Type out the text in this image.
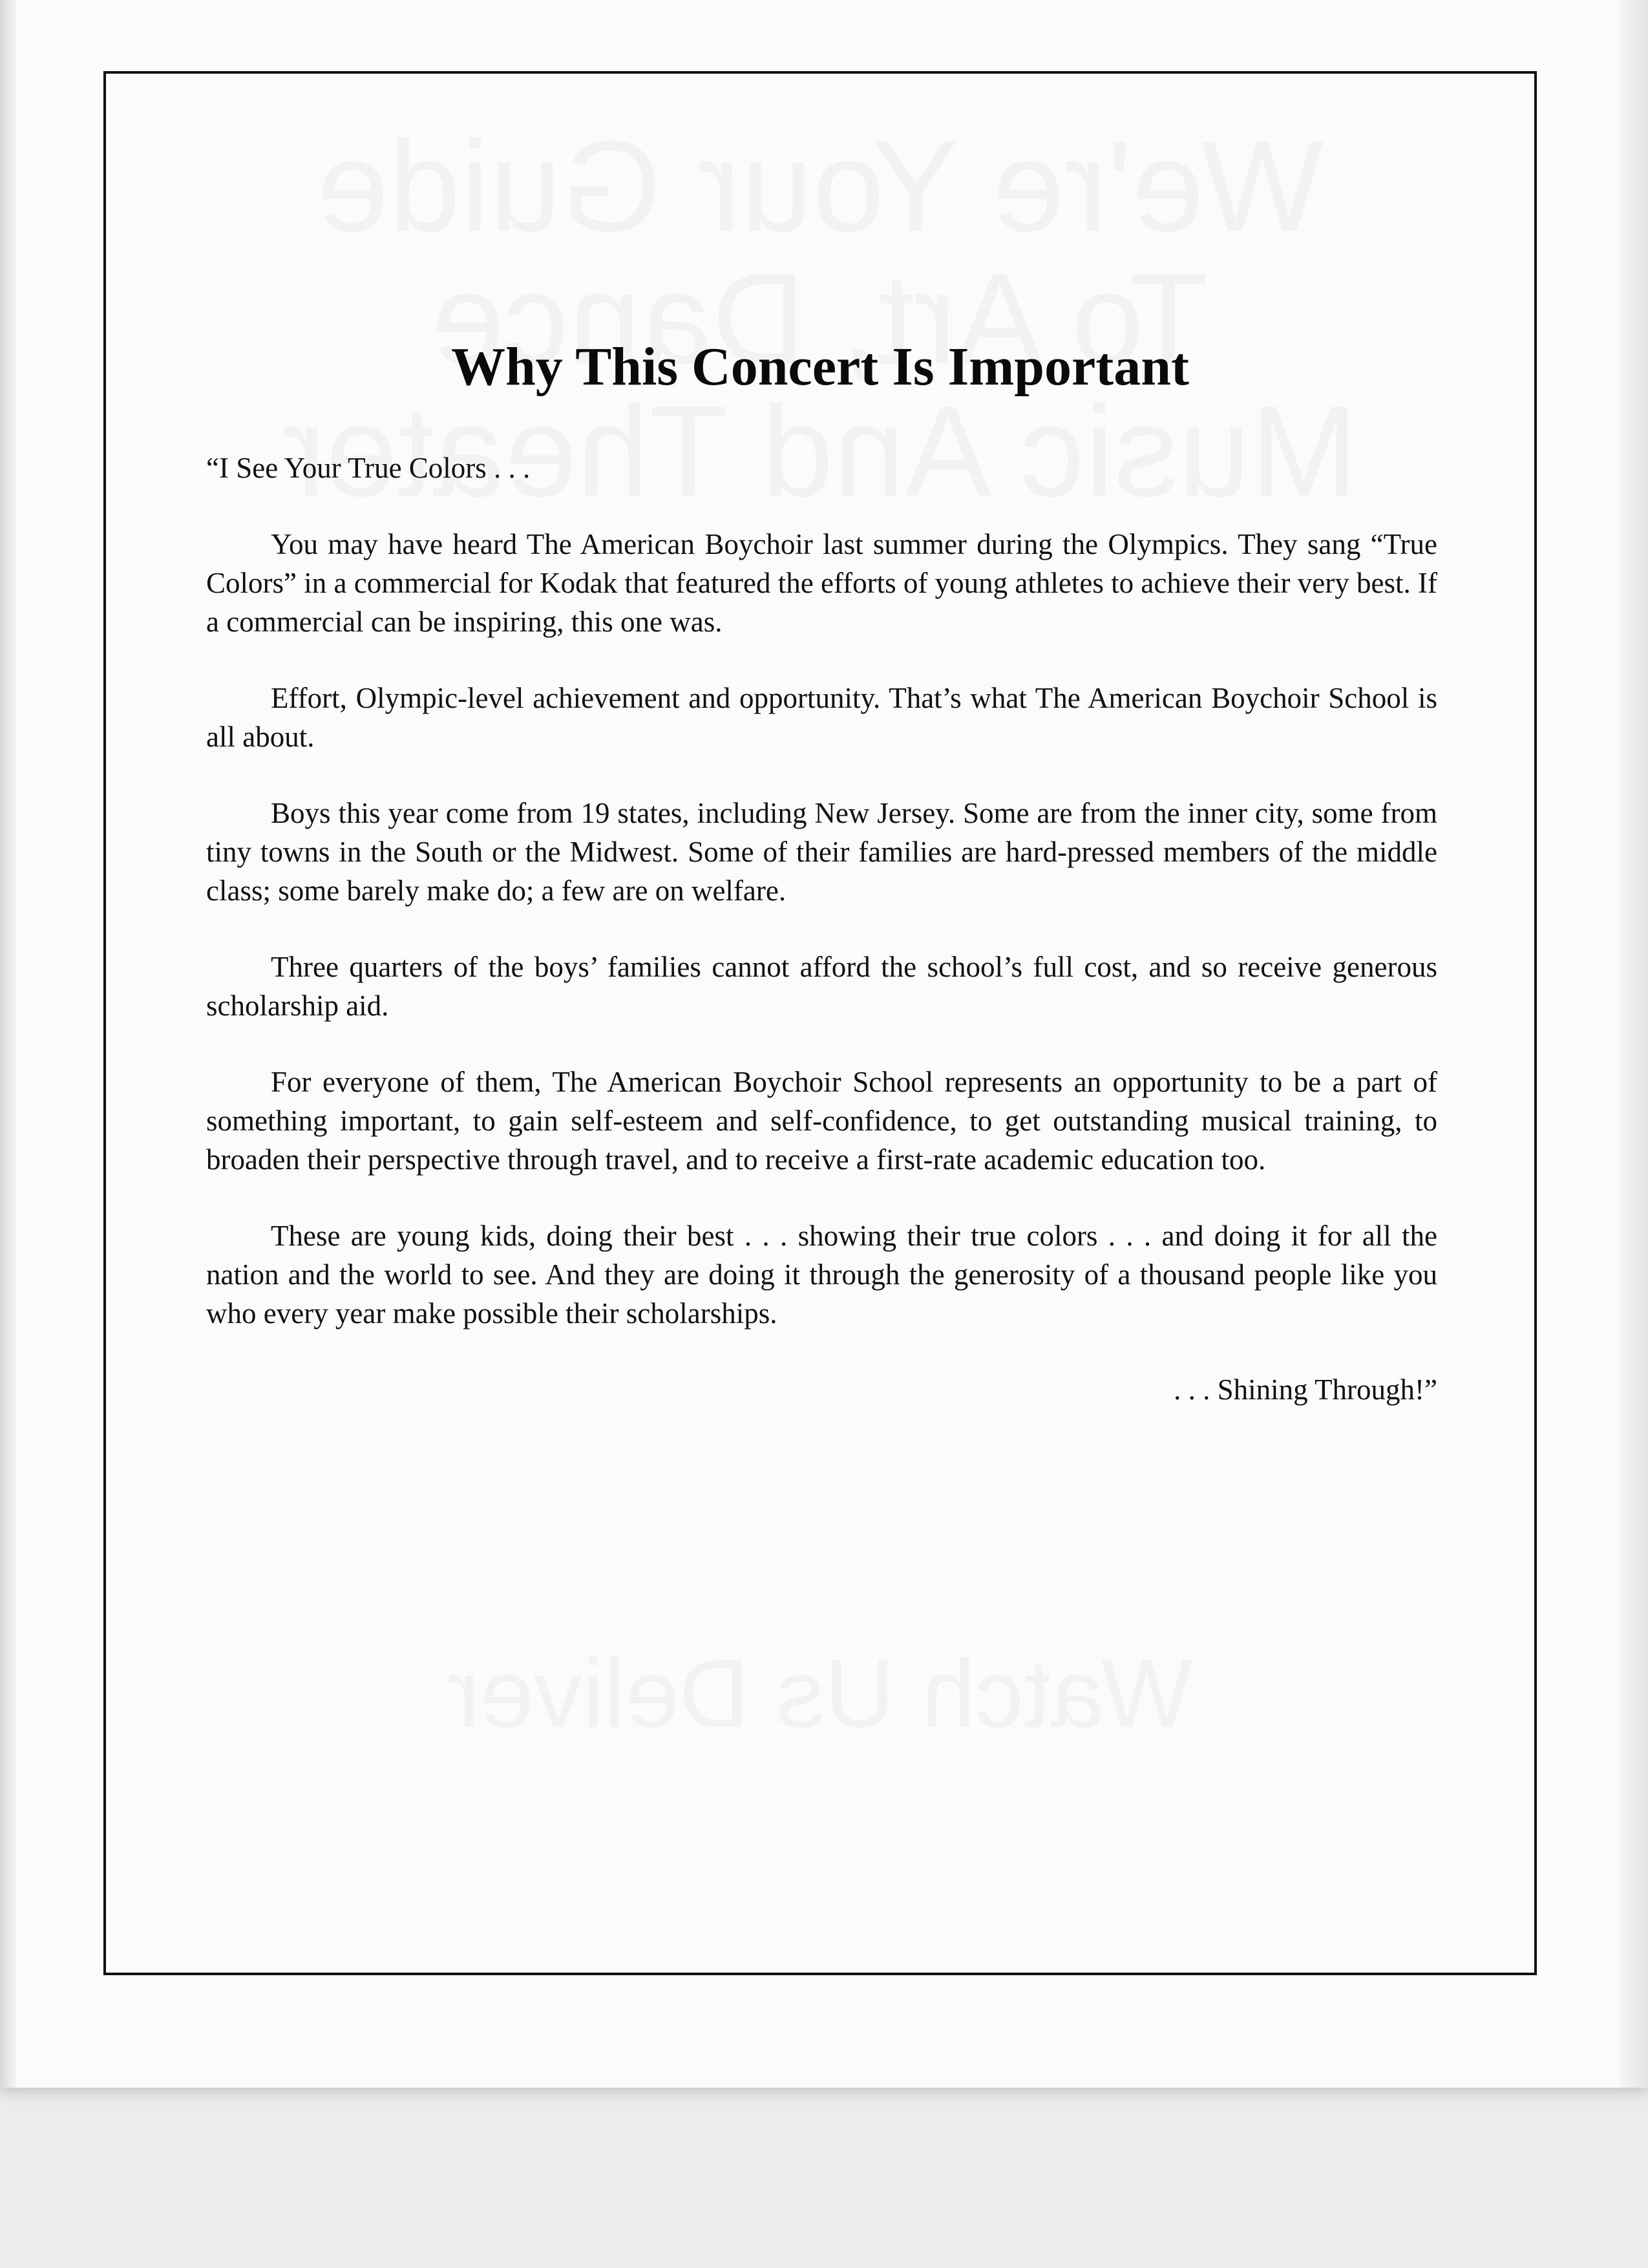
Why This Concert Is Important

“I See Your True Colors . . .

You may have heard The American Boychoir last summer during the Olympics. They sang “True Colors” in a commercial for Kodak that featured the efforts of young athletes to achieve their very best. If a commercial can be inspiring, this one was.

Effort, Olympic-level achievement and opportunity. That’s what The American Boychoir School is all about.

Boys this year come from 19 states, including New Jersey. Some are from the inner city, some from tiny towns in the South or the Midwest. Some of their families are hard-pressed members of the middle class; some barely make do; a few are on welfare.

Three quarters of the boys’ families cannot afford the school’s full cost, and so receive generous scholarship aid.

For everyone of them, The American Boychoir School represents an opportunity to be a part of something important, to gain self-esteem and self-confidence, to get outstanding musical training, to broaden their perspective through travel, and to receive a first-rate academic education too.

These are young kids, doing their best . . . showing their true colors . . . and doing it for all the nation and the world to see. And they are doing it through the generosity of a thousand people like you who every year make possible their scholarships.

. . . Shining Through!”
